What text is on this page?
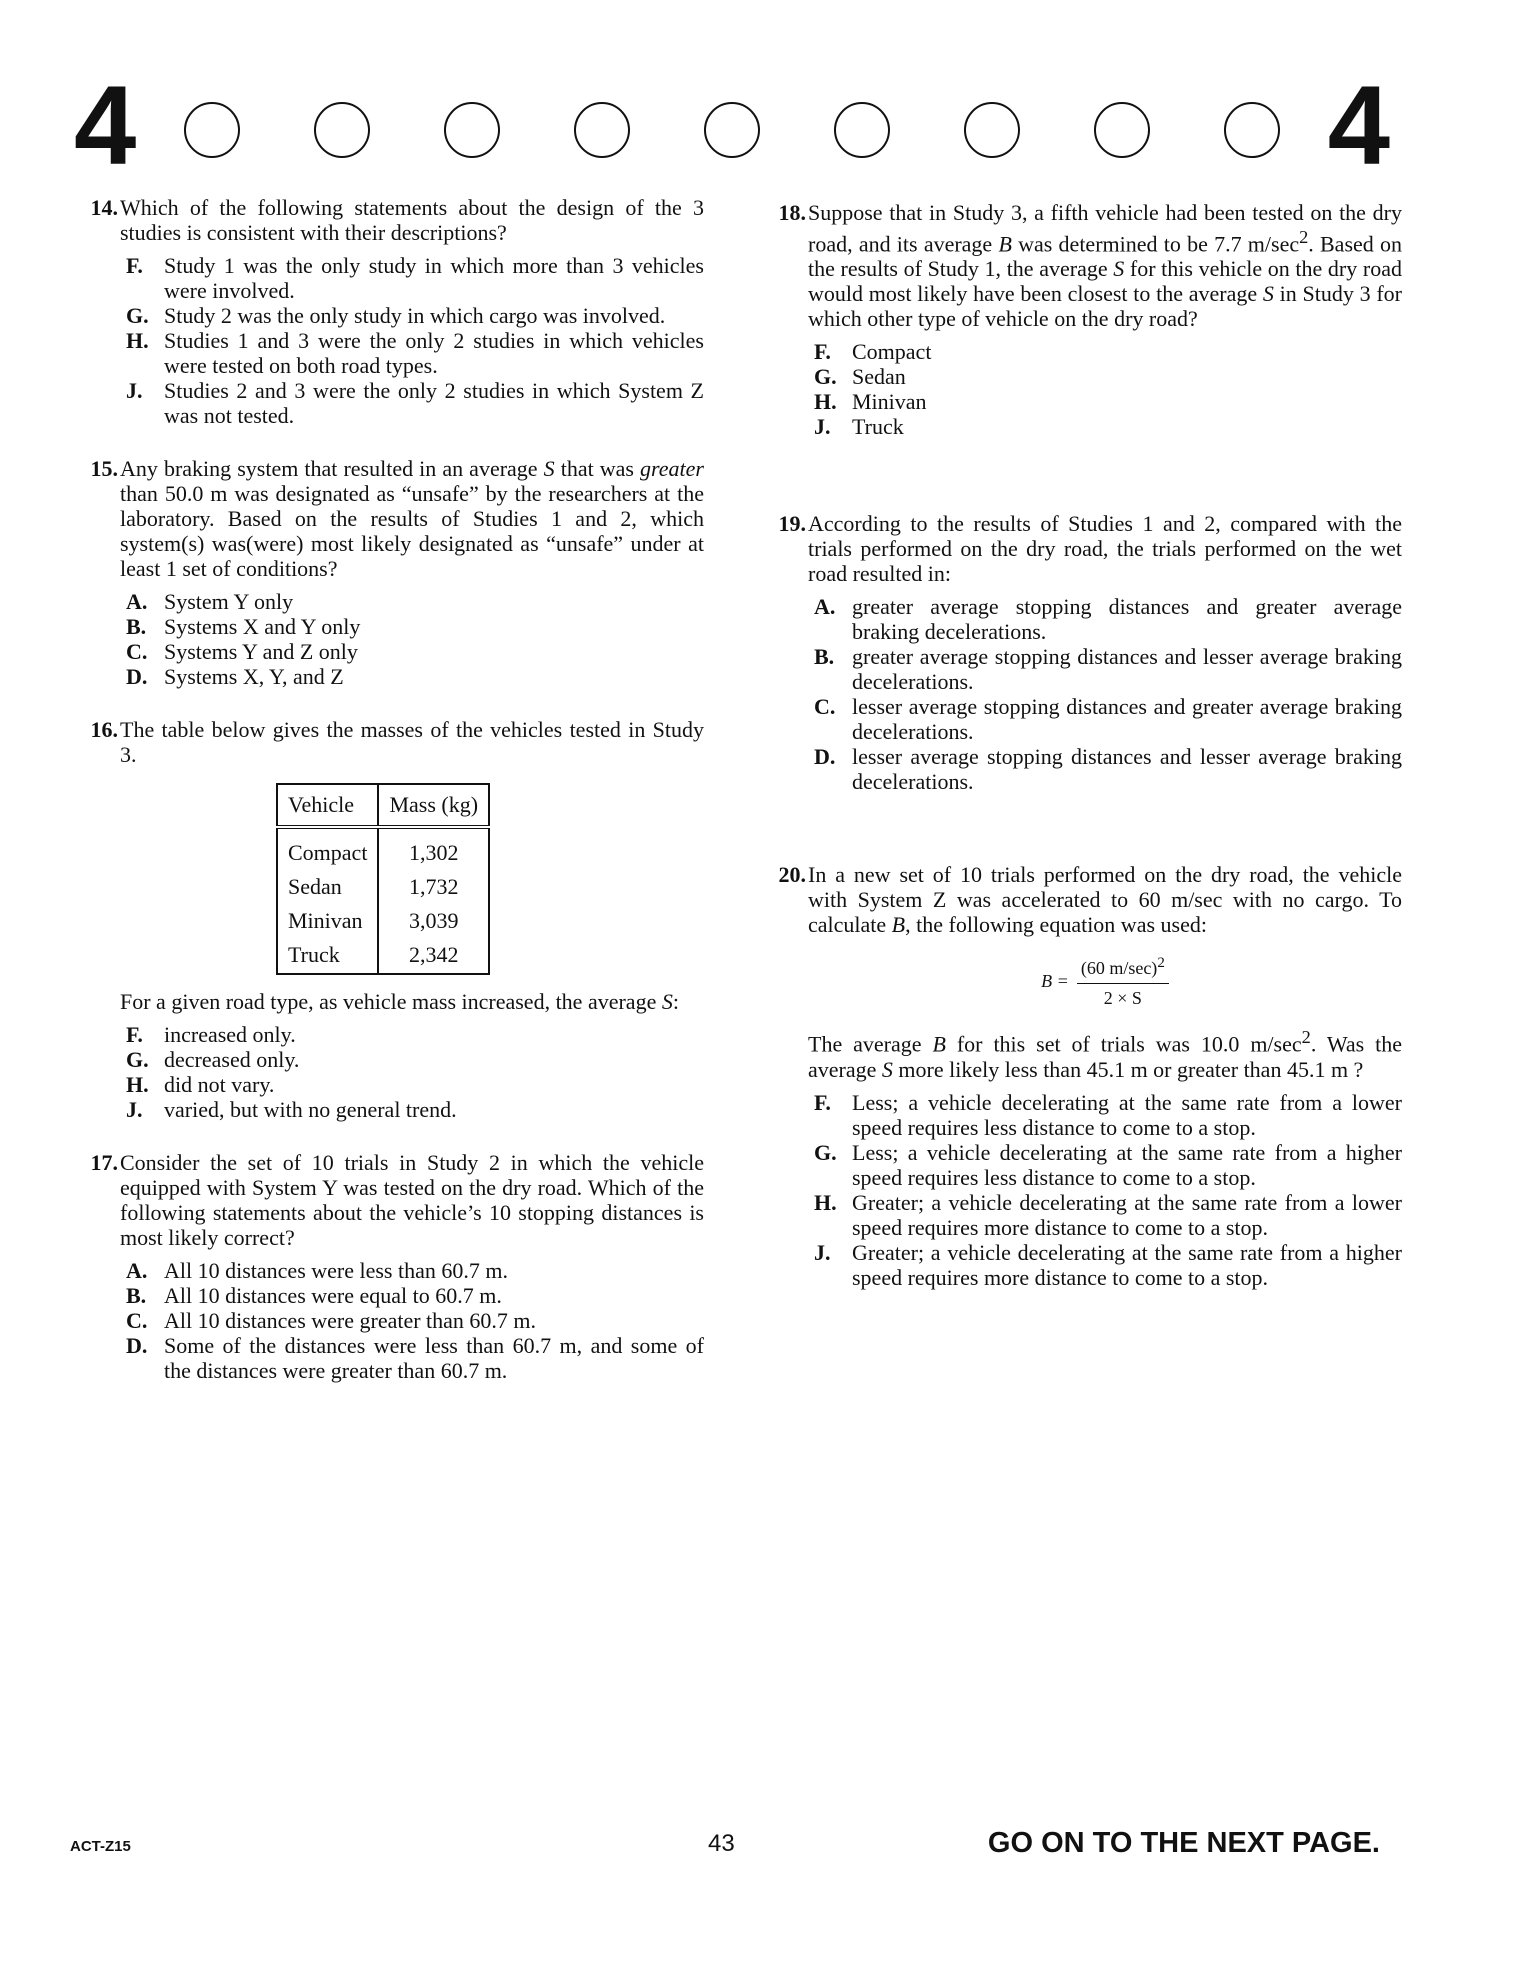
4	4
14. Which of the following statements about the design of the 3 studies is consistent with their descriptions?
F. Study 1 was the only study in which more than 3 vehicles were involved.
G. Study 2 was the only study in which cargo was involved.
H. Studies 1 and 3 were the only 2 studies in which vehicles were tested on both road types.
J. Studies 2 and 3 were the only 2 studies in which System Z was not tested.
15. Any braking system that resulted in an average S that was greater than 50.0 m was designated as “unsafe” by the researchers at the laboratory. Based on the results of Studies 1 and 2, which system(s) was(were) most likely designated as “unsafe” under at least 1 set of conditions?
A. System Y only
B. Systems X and Y only
C. Systems Y and Z only
D. Systems X, Y, and Z
16. The table below gives the masses of the vehicles tested in Study 3.
Vehicle	Mass (kg)
Compact	1,302
Sedan	1,732
Minivan	3,039
Truck	2,342
For a given road type, as vehicle mass increased, the average S:
F. increased only.
G. decreased only.
H. did not vary.
J. varied, but with no general trend.
17. Consider the set of 10 trials in Study 2 in which the vehicle equipped with System Y was tested on the dry road. Which of the following statements about the vehicle’s 10 stopping distances is most likely correct?
A. All 10 distances were less than 60.7 m.
B. All 10 distances were equal to 60.7 m.
C. All 10 distances were greater than 60.7 m.
D. Some of the distances were less than 60.7 m, and some of the distances were greater than 60.7 m.
18. Suppose that in Study 3, a fifth vehicle had been tested on the dry road, and its average B was determined to be 7.7 $m/\sec^2$. Based on the results of Study 1, the average S for this vehicle on the dry road would most likely have been closest to the average S in Study 3 for which other type of vehicle on the dry road?
F. Compact
G. Sedan
H. Minivan
J. Truck
19. According to the results of Studies 1 and 2, compared with the trials performed on the dry road, the trials performed on the wet road resulted in:
A. greater average stopping distances and greater average braking decelerations.
B. greater average stopping distances and lesser average braking decelerations.
C. lesser average stopping distances and greater average braking decelerations.
D. lesser average stopping distances and lesser average braking decelerations.
20. In a new set of 10 trials performed on the dry road, the vehicle with System Z was accelerated to 60 m/sec with no cargo. To calculate B, the following equation was used:
$B = \frac{(60 m/\sec)^2}{2 \times S}$
The average B for this set of trials was 10.0 $m/\sec^2$. Was the average S more likely less than 45.1 m or greater than 45.1 m ?
F. Less; a vehicle decelerating at the same rate from a lower speed requires less distance to come to a stop.
G. Less; a vehicle decelerating at the same rate from a higher speed requires less distance to come to a stop.
H. Greater; a vehicle decelerating at the same rate from a lower speed requires more distance to come to a stop.
J. Greater; a vehicle decelerating at the same rate from a higher speed requires more distance to come to a stop.
ACT-Z15	43	GO ON TO THE NEXT PAGE.
